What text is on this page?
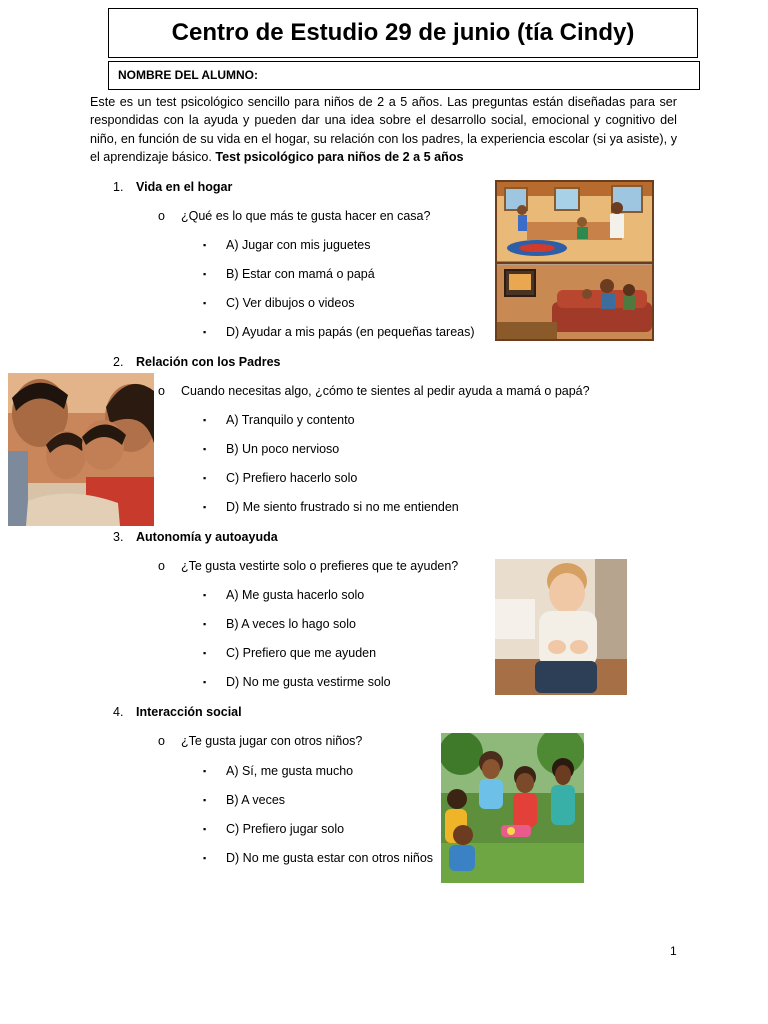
Centro de Estudio 29 de junio (tía Cindy)
NOMBRE DEL ALUMNO:
Este es un test psicológico sencillo para niños de 2 a 5 años. Las preguntas están diseñadas para ser respondidas con la ayuda y pueden dar una idea sobre el desarrollo social, emocional y cognitivo del niño, en función de su vida en el hogar, su relación con los padres, la experiencia escolar (si ya asiste), y el aprendizaje básico. Test psicológico para niños de 2 a 5 años
1. Vida en el hogar
o ¿Qué es lo que más te gusta hacer en casa?
▪ A) Jugar con mis juguetes
▪ B) Estar con mamá o papá
▪ C) Ver dibujos o videos
▪ D) Ayudar a mis papás (en pequeñas tareas)
2. Relación con los Padres
o Cuando necesitas algo, ¿cómo te sientes al pedir ayuda a mamá o papá?
▪ A) Tranquilo y contento
▪ B) Un poco nervioso
▪ C) Prefiero hacerlo solo
▪ D) Me siento frustrado si no me entienden
3. Autonomía y autoayuda
o ¿Te gusta vestirte solo o prefieres que te ayuden?
▪ A) Me gusta hacerlo solo
▪ B) A veces lo hago solo
▪ C) Prefiero que me ayuden
▪ D) No me gusta vestirme solo
4. Interacción social
o ¿Te gusta jugar con otros niños?
▪ A) Sí, me gusta mucho
▪ B) A veces
▪ C) Prefiero jugar solo
▪ D) No me gusta estar con otros niños
1
